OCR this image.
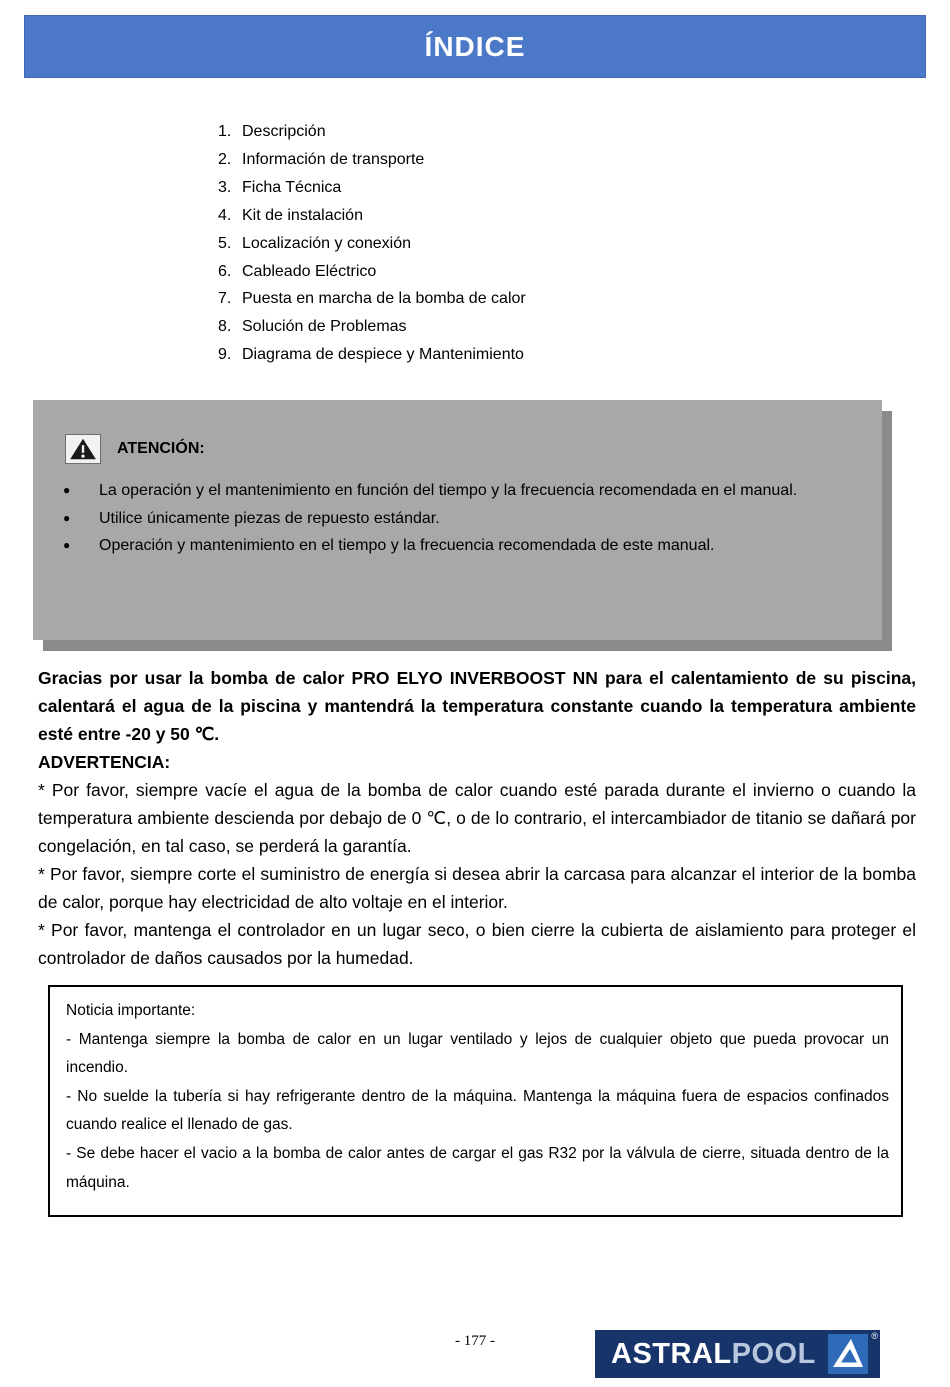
ÍNDICE
1. Descripción
2. Información de transporte
3. Ficha Técnica
4. Kit de instalación
5. Localización y conexión
6. Cableado Eléctrico
7. Puesta en marcha de la bomba de calor
8. Solución de Problemas
9. Diagrama de despiece y Mantenimiento
ATENCIÓN:
●	La operación y el mantenimiento en función del tiempo y la frecuencia recomendada en el manual.
●	Utilice únicamente piezas de repuesto estándar.
●	Operación y mantenimiento en el tiempo y la frecuencia recomendada de este manual.

Gracias por usar la bomba de calor PRO ELYO INVERBOOST NN para el calentamiento de su piscina, calentará el agua de la piscina y mantendrá la temperatura constante cuando la temperatura ambiente esté entre -20 y 50 ℃.

ADVERTENCIA:

* Por favor, siempre vacíe el agua de la bomba de calor cuando esté parada durante el invierno o cuando la temperatura ambiente descienda por debajo de 0 ℃, o de lo contrario, el intercambiador de titanio se dañará por congelación, en tal caso, se perderá la garantía.

* Por favor, siempre corte el suministro de energía si desea abrir la carcasa para alcanzar el interior de la bomba de calor, porque hay electricidad de alto voltaje en el interior.

* Por favor, mantenga el controlador en un lugar seco, o bien cierre la cubierta de aislamiento para proteger el controlador de daños causados por la humedad.

Noticia importante:

- Mantenga siempre la bomba de calor en un lugar ventilado y lejos de cualquier objeto que pueda provocar un incendio.

- No suelde la tubería si hay refrigerante dentro de la máquina. Mantenga la máquina fuera de espacios confinados cuando realice el llenado de gas.

- Se debe hacer el vacio a la bomba de calor antes de cargar el gas R32 por la válvula de cierre, situada dentro de la máquina.

- 177 -	ASTRAL POOL
®
